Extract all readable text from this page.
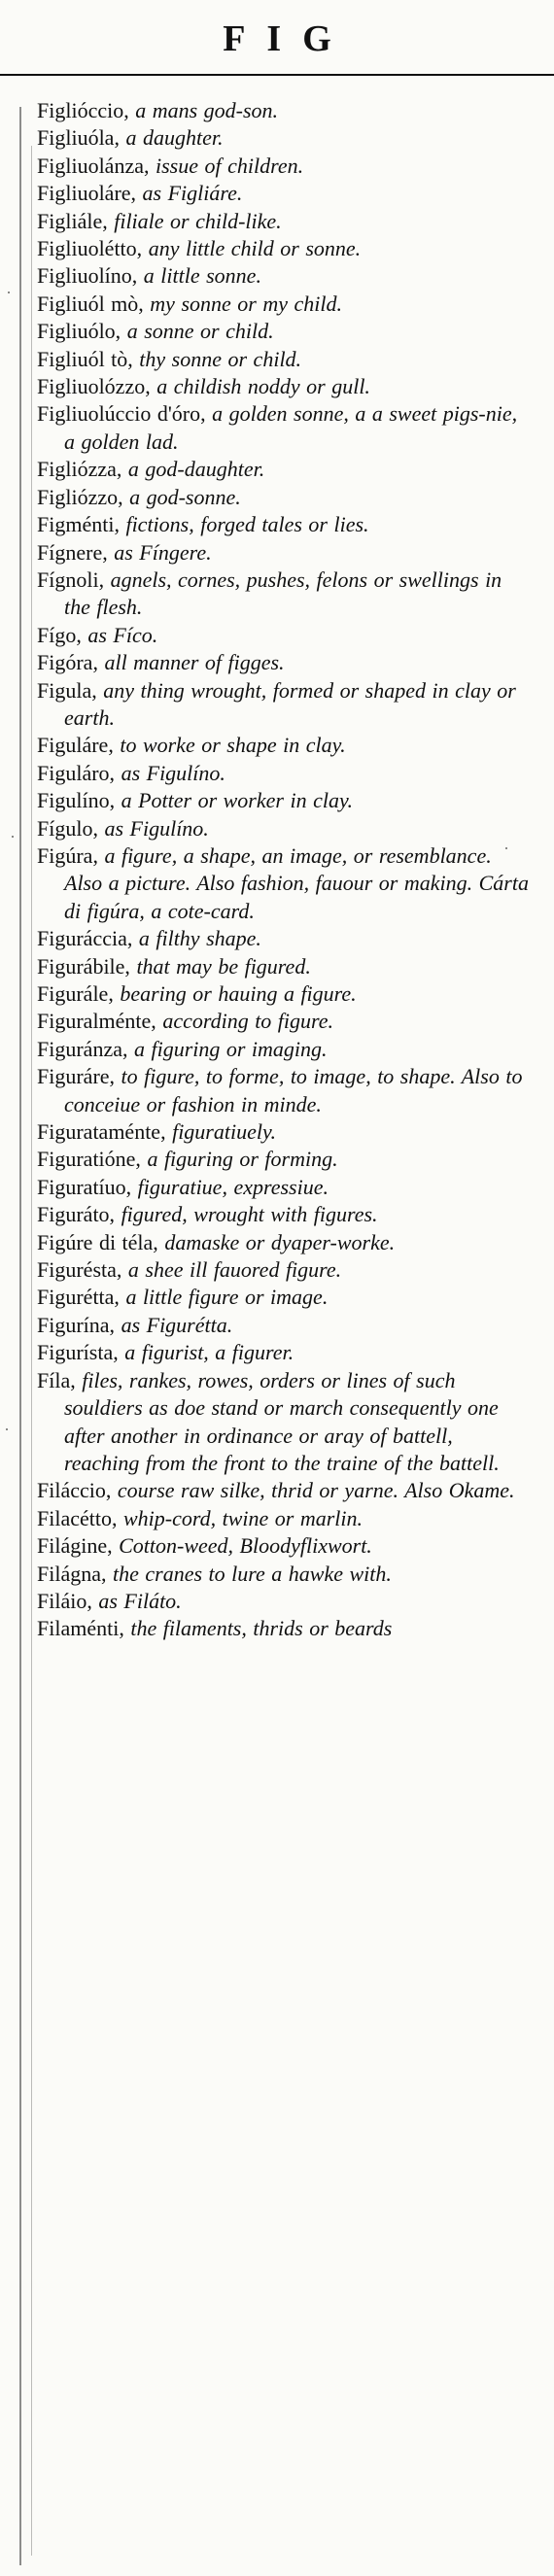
FIG
Figlióccio, a mans god-son.
Figliuóla, a daughter.
Figliuolánza, issue of children.
Figliuoláre, as Figliáre.
Figliále, filiale or child-like.
Figliuolétto, any little child or sonne.
Figliuolíno, a little sonne.
Figliuól mò, my sonne or my child.
Figliuólo, a sonne or child.
Figliuól tò, thy sonne or child.
Figliuolózzo, a childish noddy or gull.
Figliuolúccio d'óro, a golden sonne, a a sweet pigs-nie, a golden lad.
Figliózza, a god-daughter.
Figliózzo, a god-sonne.
Figménti, fictions, forged tales or lies.
Fígnere, as Fíngere.
Fígnoli, agnels, cornes, pushes, felons or swellings in the flesh.
Fígo, as Fíco.
Figóra, all manner of figges.
Figula, any thing wrought, formed or shaped in clay or earth.
Figuláre, to worke or shape in clay.
Figuláro, as Figulíno.
Figulíno, a Potter or worker in clay.
Fígulo, as Figulíno.
Figúra, a figure, a shape, an image, or resemblance. Also a picture. Also fashion, fauour or making. Cárta di figúra, a cote-card.
Figuráccia, a filthy shape.
Figurábile, that may be figured.
Figurále, bearing or hauing a figure.
Figuralménte, according to figure.
Figuránza, a figuring or imaging.
Figuráre, to figure, to forme, to image, to shape. Also to conceiue or fashion in minde.
Figurataménte, figuratiuely.
Figuratióne, a figuring or forming.
Figuratíuo, figuratiue, expressiue.
Figuráto, figured, wrought with figures.
Figúre di téla, damaske or dyaper-worke.
Figurésta, a shee ill fauored figure.
Figurétta, a little figure or image.
Figurína, as Figurétta.
Figurísta, a figurist, a figurer.
Fíla, files, rankes, rowes, orders or lines of such souldiers as doe stand or march consequently one after another in ordinance or aray of battell, reaching from the front to the traine of the battell.
Filáccio, course raw silke, thrid or yarne. Also Okame.
Filacétto, whip-cord, twine or marlin.
Filágine, Cotton-weed, Bloodyflixwort.
Filágna, the cranes to lure a hawke with.
Filáio, as Filáto.
Filaménti, the filaments, thrids or beards
